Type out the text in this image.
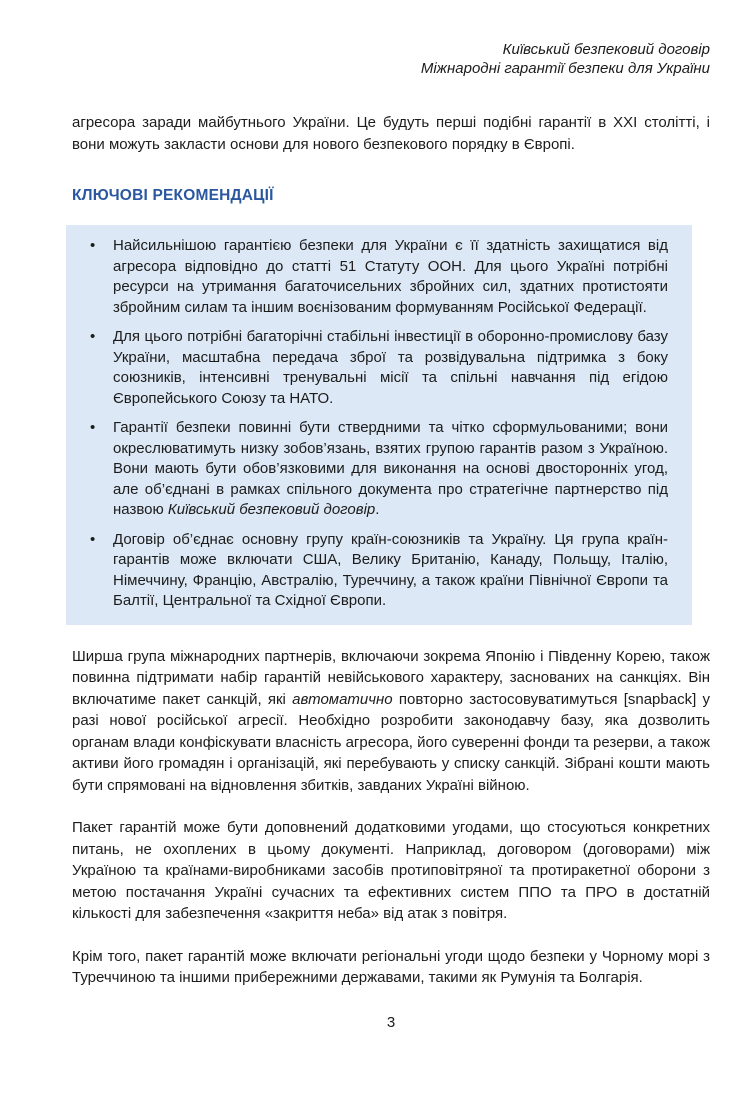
Київський безпековий договір
Міжнародні гарантії безпеки для України

агресора заради майбутнього України. Це будуть перші подібні гарантії в XXI столітті, і вони можуть закласти основи для нового безпекового порядку в Європі.

КЛЮЧОВІ РЕКОМЕНДАЦІЇ
•
Найсильнішою гарантією безпеки для України є її здатність захищатися від агресора відповідно до статті 51 Статуту ООН. Для цього Україні потрібні ресурси на утримання багаточисельних збройних сил, здатних протистояти збройним силам та іншим воєнізованим формуванням Російської Федерації.
•
Для цього потрібні багаторічні стабільні інвестиції в оборонно-промислову базу України, масштабна передача зброї та розвідувальна підтримка з боку союзників, інтенсивні тренувальні місії та спільні навчання під егідою Європейського Союзу та НАТО.
•
Гарантії безпеки повинні бути ствердними та чітко сформульованими; вони окреслюватимуть низку зобов’язань, взятих групою гарантів разом з Україною. Вони мають бути обов’язковими для виконання на основі двосторонніх угод, але об’єднані в рамках спільного документа про стратегічне партнерство під назвою Київський безпековий договір.
•
Договір об’єднає основну групу країн-союзників та Україну. Ця група країн-гарантів може включати США, Велику Британію, Канаду, Польщу, Італію, Німеччину, Францію, Австралію, Туреччину, а також країни Північної Європи та Балтії, Центральної та Східної Європи.

Ширша група міжнародних партнерів, включаючи зокрема Японію і Південну Корею, також повинна підтримати набір гарантій невійськового характеру, заснованих на санкціях. Він включатиме пакет санкцій, які автоматично повторно застосовуватимуться [snapback] у разі нової російської агресії. Необхідно розробити законодавчу базу, яка дозволить органам влади конфіскувати власність агресора, його суверенні фонди та резерви, а також активи його громадян і організацій, які перебувають у списку санкцій. Зібрані кошти мають бути спрямовані на відновлення збитків, завданих Україні війною.

Пакет гарантій може бути доповнений додатковими угодами, що стосуються конкретних питань, не охоплених в цьому документі. Наприклад, договором (договорами) між Україною та країнами-виробниками засобів протиповітряної та протиракетної оборони з метою постачання Україні сучасних та ефективних систем ППО та ПРО в достатній кількості для забезпечення «закриття неба» від атак з повітря.

Крім того, пакет гарантій може включати регіональні угоди щодо безпеки у Чорному морі з Туреччиною та іншими прибережними державами, такими як Румунія та Болгарія.

3
